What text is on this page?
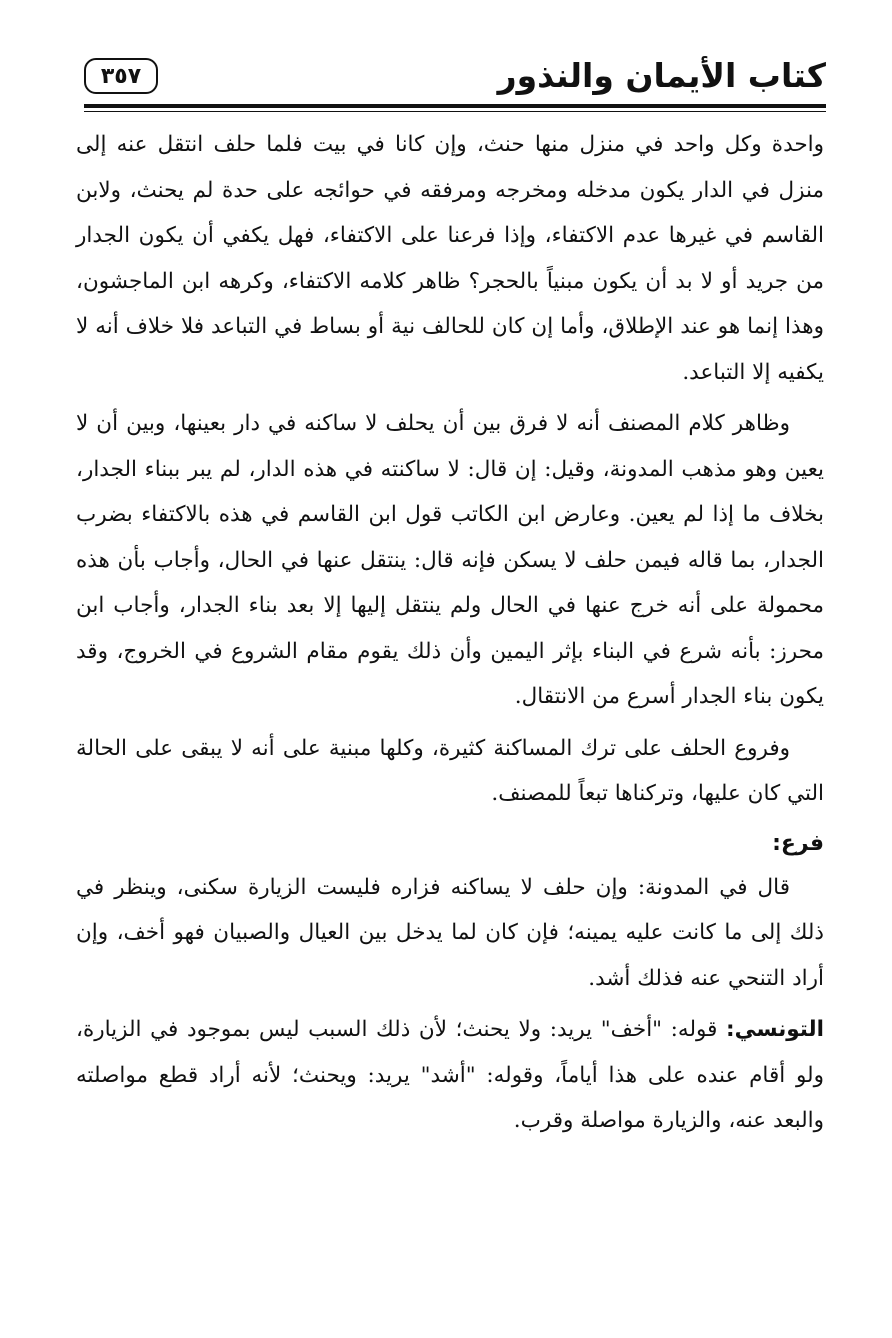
كتاب الأيمان والنذور
٣٥٧

واحدة وكل واحد في منزل منها حنث، وإن كانا في بيت فلما حلف انتقل عنه إلى منزل في الدار يكون مدخله ومخرجه ومرفقه في حوائجه على حدة لم يحنث، ولابن القاسم في غيرها عدم الاكتفاء، وإذا فرعنا على الاكتفاء، فهل يكفي أن يكون الجدار من جريد أو لا بد أن يكون مبنياً بالحجر؟ ظاهر كلامه الاكتفاء، وكرهه ابن الماجشون، وهذا إنما هو عند الإطلاق، وأما إن كان للحالف نية أو بساط في التباعد فلا خلاف أنه لا يكفيه إلا التباعد.

وظاهر كلام المصنف أنه لا فرق بين أن يحلف لا ساكنه في دار بعينها، وبين أن لا يعين وهو مذهب المدونة، وقيل: إن قال: لا ساكنته في هذه الدار، لم يبر ببناء الجدار، بخلاف ما إذا لم يعين. وعارض ابن الكاتب قول ابن القاسم في هذه بالاكتفاء بضرب الجدار، بما قاله فيمن حلف لا يسكن فإنه قال: ينتقل عنها في الحال، وأجاب بأن هذه محمولة على أنه خرج عنها في الحال ولم ينتقل إليها إلا بعد بناء الجدار، وأجاب ابن محرز: بأنه شرع في البناء بإثر اليمين وأن ذلك يقوم مقام الشروع في الخروج، وقد يكون بناء الجدار أسرع من الانتقال.

وفروع الحلف على ترك المساكنة كثيرة، وكلها مبنية على أنه لا يبقى على الحالة التي كان عليها، وتركناها تبعاً للمصنف.

فرع:

قال في المدونة: وإن حلف لا يساكنه فزاره فليست الزيارة سكنى، وينظر في ذلك إلى ما كانت عليه يمينه؛ فإن كان لما يدخل بين العيال والصبيان فهو أخف، وإن أراد التنحي عنه فذلك أشد.

التونسي: قوله: "أخف" يريد: ولا يحنث؛ لأن ذلك السبب ليس بموجود في الزيارة، ولو أقام عنده على هذا أياماً، وقوله: "أشد" يريد: ويحنث؛ لأنه أراد قطع مواصلته والبعد عنه، والزيارة مواصلة وقرب.
